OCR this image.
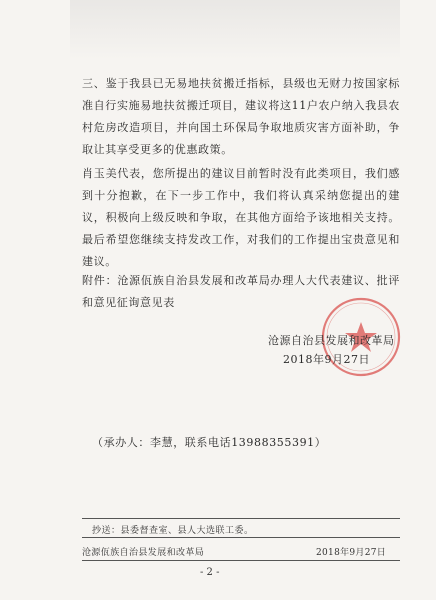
三、鉴于我县已无易地扶贫搬迁指标，县级也无财力按国家标准自行实施易地扶贫搬迁项目，建议将这11户农户纳入我县农村危房改造项目，并向国土环保局争取地质灾害方面补助，争取让其享受更多的优惠政策。

肖玉美代表，您所提出的建议目前暂时没有此类项目，我们感到十分抱歉，在下一步工作中，我们将认真采纳您提出的建议，积极向上级反映和争取，在其他方面给予该地相关支持。最后希望您继续支持发改工作，对我们的工作提出宝贵意见和建议。

附件：沧源佤族自治县发展和改革局办理人大代表建议、批评和意见征询意见表

沧源自治县发展和改革局
2018年9月27日
（承办人：李慧，联系电话13988355391）
抄送：县委督查室、县人大选联工委。
沧源佤族自治县发展和改革局	2018年9月27日
- 2 -
